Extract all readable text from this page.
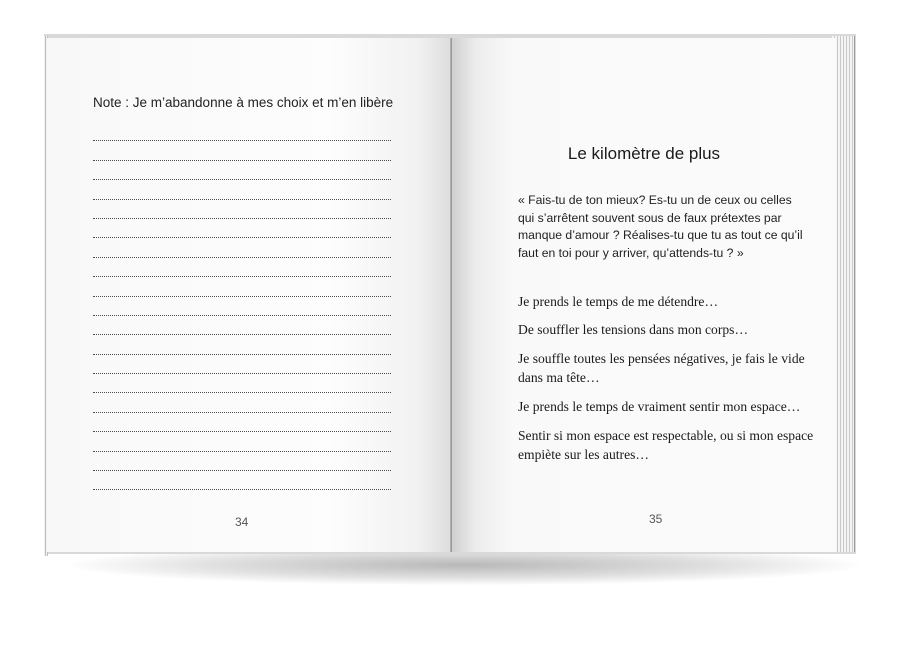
Note : Je m’abandonne à mes choix et m’en libère
34
Le kilomètre de plus
« Fais-tu de ton mieux? Es-tu un de ceux ou celles qui s’arrêtent souvent sous de faux prétextes par manque d’amour ? Réalises-tu que tu as tout ce qu’il faut en toi pour y arriver, qu’attends-tu ? »
Je prends le temps de me détendre…
De souffler les tensions dans mon corps…
Je souffle toutes les pensées négatives, je fais le vide dans ma tête…
Je prends le temps de vraiment sentir mon espace…
Sentir si mon espace est respectable, ou si mon espace empiète sur les autres…
35
